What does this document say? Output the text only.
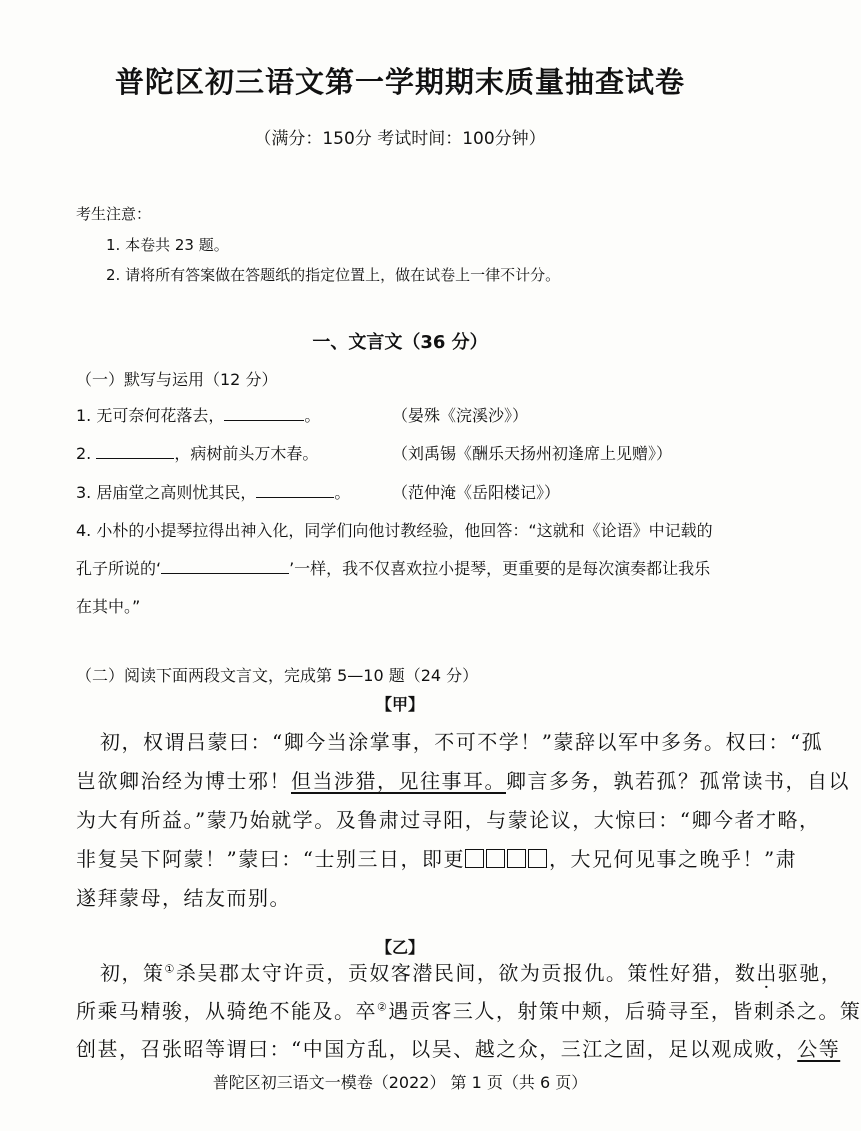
普陀区初三语文第一学期期末质量抽查试卷
（满分：150分 考试时间：100分钟）
考生注意：
1. 本卷共 23 题。
2. 请将所有答案做在答题纸的指定位置上，做在试卷上一律不计分。
一、文言文（36 分）
（一）默写与运用（12 分）
1. 无可奈何花落去，	。	（晏殊《浣溪沙》）
2.	，病树前头万木春。	（刘禹锡《酬乐天扬州初逢席上见赠》）
3. 居庙堂之高则忧其民，	。	（范仲淹《岳阳楼记》）
4. 小朴的小提琴拉得出神入化，同学们向他讨教经验，他回答：“这就和《论语》中记载的
孔子所说的‘	’一样，我不仅喜欢拉小提琴，更重要的是每次演奏都让我乐
在其中。”
（二）阅读下面两段文言文，完成第 5—10 题（24 分）
【甲】
初，权谓吕蒙曰：“卿今当涂掌事，不可不学！”蒙辞以军中多务。权曰：“孤
岂欲卿治经为博士邪！但当涉猎，见往事耳。卿言多务，孰若孤？孤常读书，自以
为大有所益。”蒙乃始就学。及鲁肃过寻阳，与蒙论议，大惊曰：“卿今者才略，
非复吴下阿蒙！”蒙曰：“士别三日，即更	，大兄何见事之晚乎！”肃
遂拜蒙母，结友而别。
【乙】
初，策①杀吴郡太守许贡，贡奴客潜民间，欲为贡报仇。策性好猎，数出驱驰，
所乘马精骏，从骑绝不能及。卒②遇贡客三人，射策中颊，后骑寻至，皆刺杀之。策
创甚，召张昭等谓曰：“中国方乱，以吴、越之众，三江之固，足以观成败，公等
普陀区初三语文一模卷（2022） 第 1 页（共 6 页）
